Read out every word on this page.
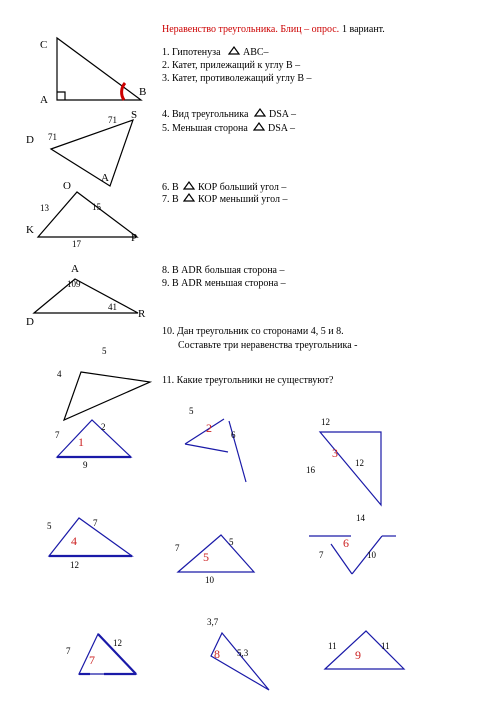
Неравенство треугольника. Блиц – опрос. 1 вариант.
1. Гипотенуза ABC–
2. Катет, прилежащий к углу В –
3. Катет, противолежащий углу В –
C
A
B
4. Вид треугольника DSA –
5. Меньшая сторона DSA –
S
D
A
71
71
6. В КОР больший угол –
7. В КОР меньший угол –
O
K
P
13	15
17
8. В ADR большая сторона –
9. В ADR меньшая сторона –
A
D
R
109
41
10. Дан треугольник со сторонами 4, 5 и 8.
Составьте три неравенства треугольника -
5
4
11. Какие треугольники не существуют?
1
7
2
9
2
5
6
3
12
16
12
4
5	7
12
5
7
5
10
6
14
7	10
7
7
12
8
3,7
5,3	9
11	11
